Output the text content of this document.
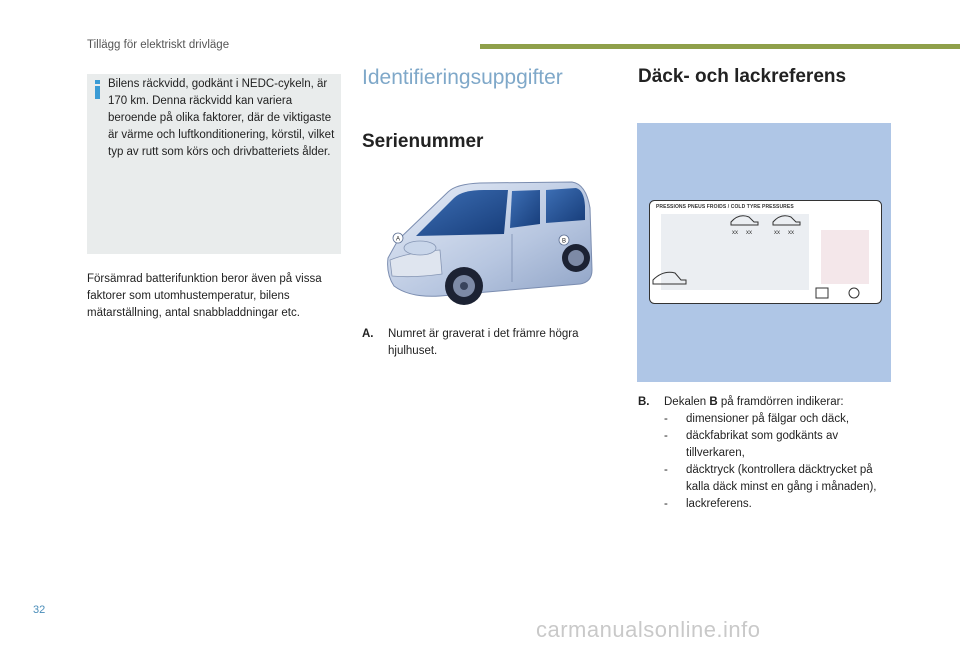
Tillägg för elektriskt drivläge
Bilens räckvidd, godkänt i NEDC-cykeln, är 170 km. Denna räckvidd kan variera beroende på olika faktorer, där de viktigaste är värme och luftkonditionering, körstil, vilket typ av rutt som körs och drivbatteriets ålder.
Försämrad batterifunktion beror även på vissa faktorer som utomhustemperatur, bilens mätarställning, antal snabbladdningar etc.
Identifieringsuppgifter
Serienummer
Däck- och lackreferens
A	B
A.	Numret är graverat i det främre högra hjulhuset.
PRESSIONS PNEUS FROIDS / COLD TYRE PRESSURES
xx xx	xx xx
B.	Dekalen B på framdörren indikerar:
- dimensioner på fälgar och däck,
- däckfabrikat som godkänts av tillverkaren,
- däcktryck (kontrollera däcktrycket på kalla däck minst en gång i månaden),
- lackreferens.
32
carmanualsonline.info
